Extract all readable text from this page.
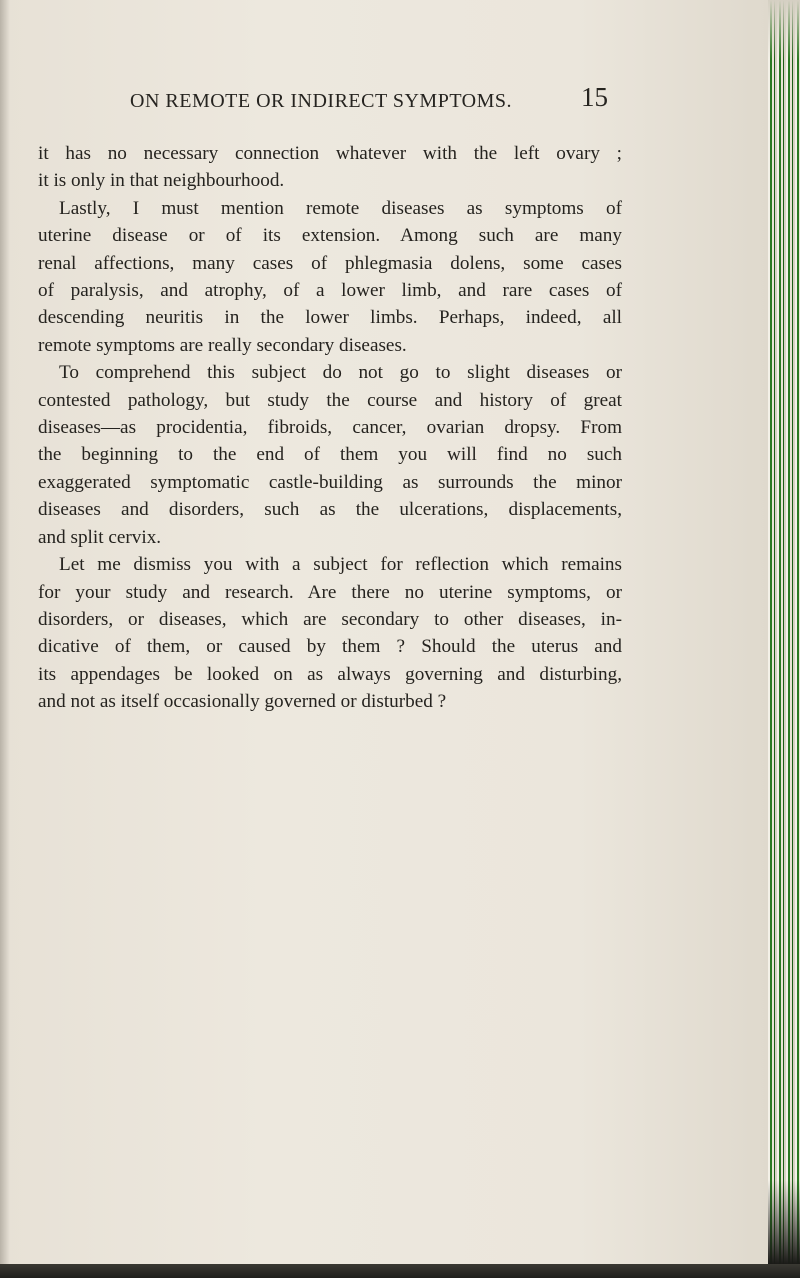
ON REMOTE OR INDIRECT SYMPTOMS.	15
it has no necessary connection whatever with the left ovary ;
it is only in that neighbourhood.
Lastly, I must mention remote diseases as symptoms of
uterine disease or of its extension. Among such are many
renal affections, many cases of phlegmasia dolens, some cases
of paralysis, and atrophy, of a lower limb, and rare cases of
descending neuritis in the lower limbs. Perhaps, indeed, all
remote symptoms are really secondary diseases.
To comprehend this subject do not go to slight diseases or
contested pathology, but study the course and history of great
diseases—as procidentia, fibroids, cancer, ovarian dropsy. From
the beginning to the end of them you will find no such
exaggerated symptomatic castle-building as surrounds the minor
diseases and disorders, such as the ulcerations, displacements,
and split cervix.
Let me dismiss you with a subject for reflection which remains
for your study and research. Are there no uterine symptoms, or
disorders, or diseases, which are secondary to other diseases, in-
dicative of them, or caused by them ? Should the uterus and
its appendages be looked on as always governing and disturbing,
and not as itself occasionally governed or disturbed ?
